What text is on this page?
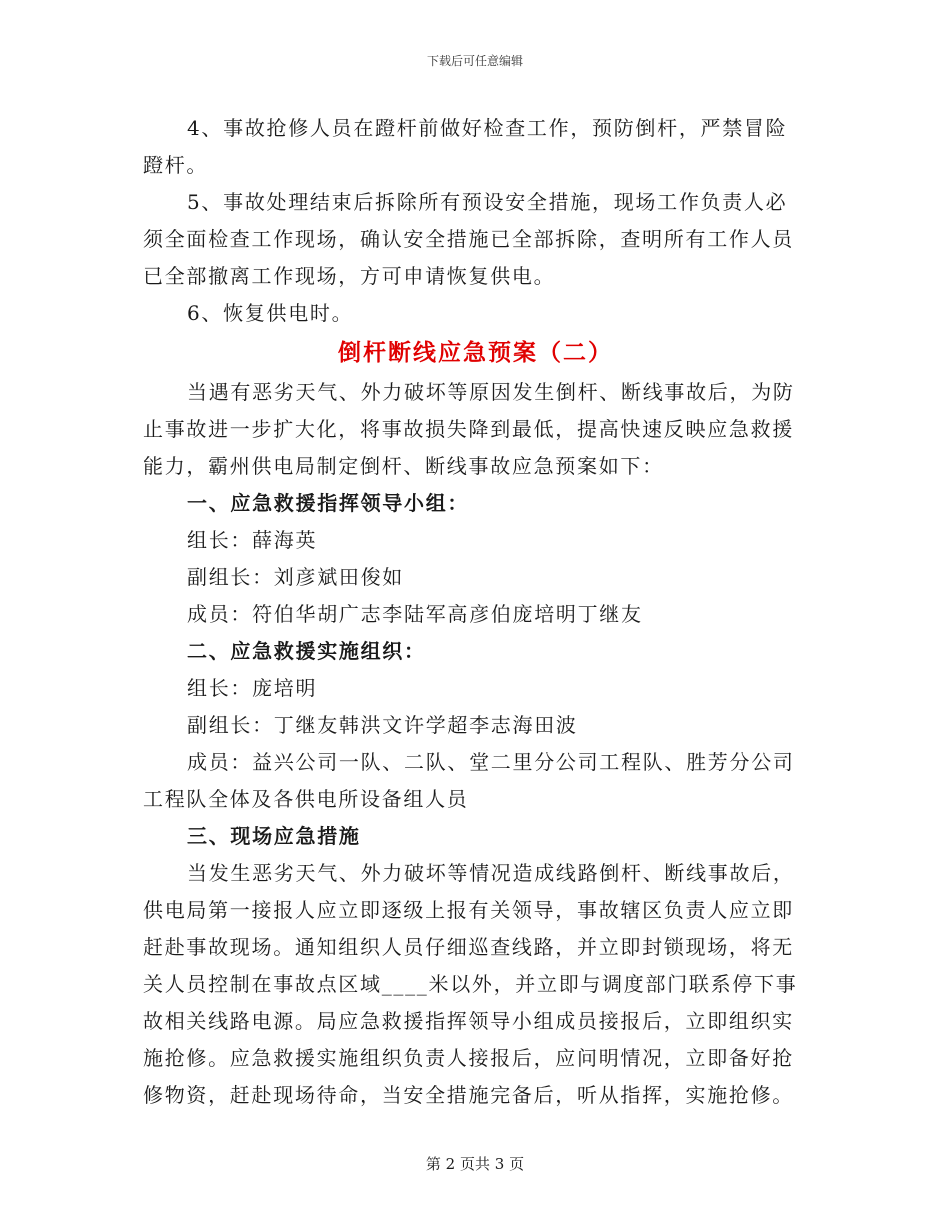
下载后可任意编辑

4、事故抢修人员在蹬杆前做好检查工作，预防倒杆，严禁冒险蹬杆。

5、事故处理结束后拆除所有预设安全措施，现场工作负责人必须全面检查工作现场，确认安全措施已全部拆除，查明所有工作人员已全部撤离工作现场，方可申请恢复供电。

6、恢复供电时。

倒杆断线应急预案（二）

当遇有恶劣天气、外力破坏等原因发生倒杆、断线事故后，为防止事故进一步扩大化，将事故损失降到最低，提高快速反映应急救援能力，霸州供电局制定倒杆、断线事故应急预案如下：

一、应急救援指挥领导小组：

组长：薛海英

副组长：刘彦斌田俊如

成员：符伯华胡广志李陆军高彦伯庞培明丁继友

二、应急救援实施组织：

组长：庞培明

副组长：丁继友韩洪文许学超李志海田波

成员：益兴公司一队、二队、堂二里分公司工程队、胜芳分公司工程队全体及各供电所设备组人员

三、现场应急措施

当发生恶劣天气、外力破坏等情况造成线路倒杆、断线事故后，供电局第一接报人应立即逐级上报有关领导，事故辖区负责人应立即赶赴事故现场。通知组织人员仔细巡查线路，并立即封锁现场，将无关人员控制在事故点区域____米以外，并立即与调度部门联系停下事故相关线路电源。局应急救援指挥领导小组成员接报后，立即组织实施抢修。应急救援实施组织负责人接报后，应问明情况，立即备好抢修物资，赶赴现场待命，当安全措施完备后，听从指挥，实施抢修。

第 2 页共 3 页
